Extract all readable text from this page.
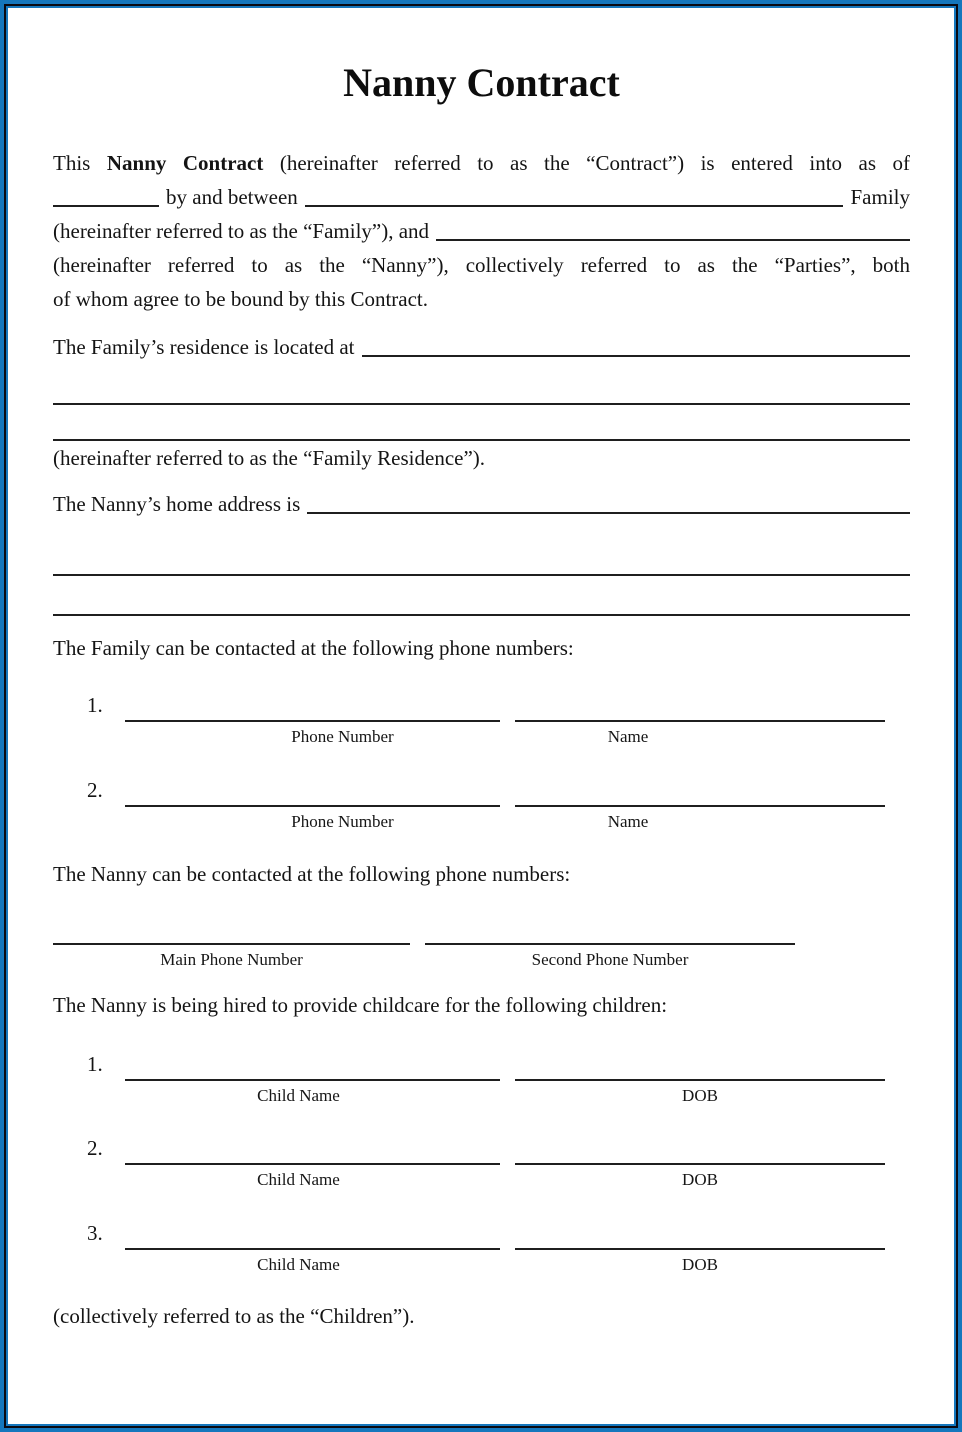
Nanny Contract
This Nanny Contract (hereinafter referred to as the “Contract”) is entered into as of
by and between	Family
(hereinafter referred to as the “Family”), and
(hereinafter referred to as the “Nanny”), collectively referred to as the “Parties”, both
of whom agree to be bound by this Contract.
The Family’s residence is located at
(hereinafter referred to as the “Family Residence”).
The Nanny’s home address is
The Family can be contacted at the following phone numbers:
1.
Phone Number	Name
2.
Phone Number	Name
The Nanny can be contacted at the following phone numbers:
Main Phone Number	Second Phone Number
The Nanny is being hired to provide childcare for the following children:
1.
Child Name	DOB
2.
Child Name	DOB
3.
Child Name	DOB
(collectively referred to as the “Children”).
